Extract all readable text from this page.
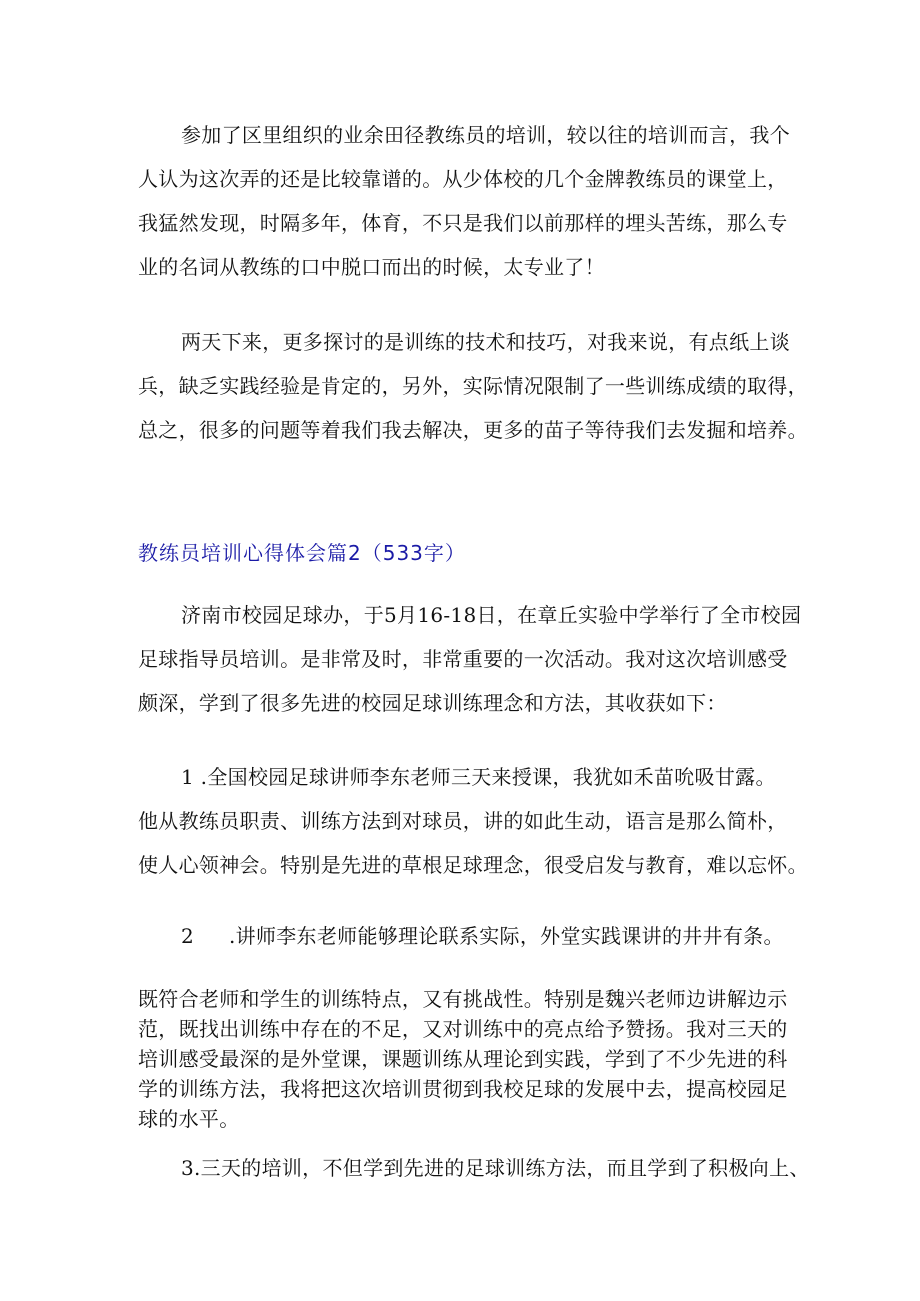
参加了区里组织的业余田径教练员的培训，较以往的培训而言，我个
人认为这次弄的还是比较靠谱的。从少体校的几个金牌教练员的课堂上，
我猛然发现，时隔多年，体育，不只是我们以前那样的埋头苦练，那么专
业的名词从教练的口中脱口而出的时候，太专业了！
两天下来，更多探讨的是训练的技术和技巧，对我来说，有点纸上谈
兵，缺乏实践经验是肯定的，另外，实际情况限制了一些训练成绩的取得，
总之，很多的问题等着我们我去解决，更多的苗子等待我们去发掘和培养。
教练员培训心得体会篇2（533字）
济南市校园足球办，于5月16-18日，在章丘实验中学举行了全市校园
足球指导员培训。是非常及时，非常重要的一次活动。我对这次培训感受
颇深，学到了很多先进的校园足球训练理念和方法，其收获如下：
1 .全国校园足球讲师李东老师三天来授课，我犹如禾苗吮吸甘露。
他从教练员职责、训练方法到对球员，讲的如此生动，语言是那么简朴，
使人心领神会。特别是先进的草根足球理念，很受启发与教育，难以忘怀。
2 .讲师李东老师能够理论联系实际，外堂实践课讲的井井有条。
既符合老师和学生的训练特点，又有挑战性。特别是魏兴老师边讲解边示
范，既找出训练中存在的不足，又对训练中的亮点给予赞扬。我对三天的
培训感受最深的是外堂课，课题训练从理论到实践，学到了不少先进的科
学的训练方法，我将把这次培训贯彻到我校足球的发展中去，提高校园足
球的水平。
3.三天的培训，不但学到先进的足球训练方法，而且学到了积极向上、
